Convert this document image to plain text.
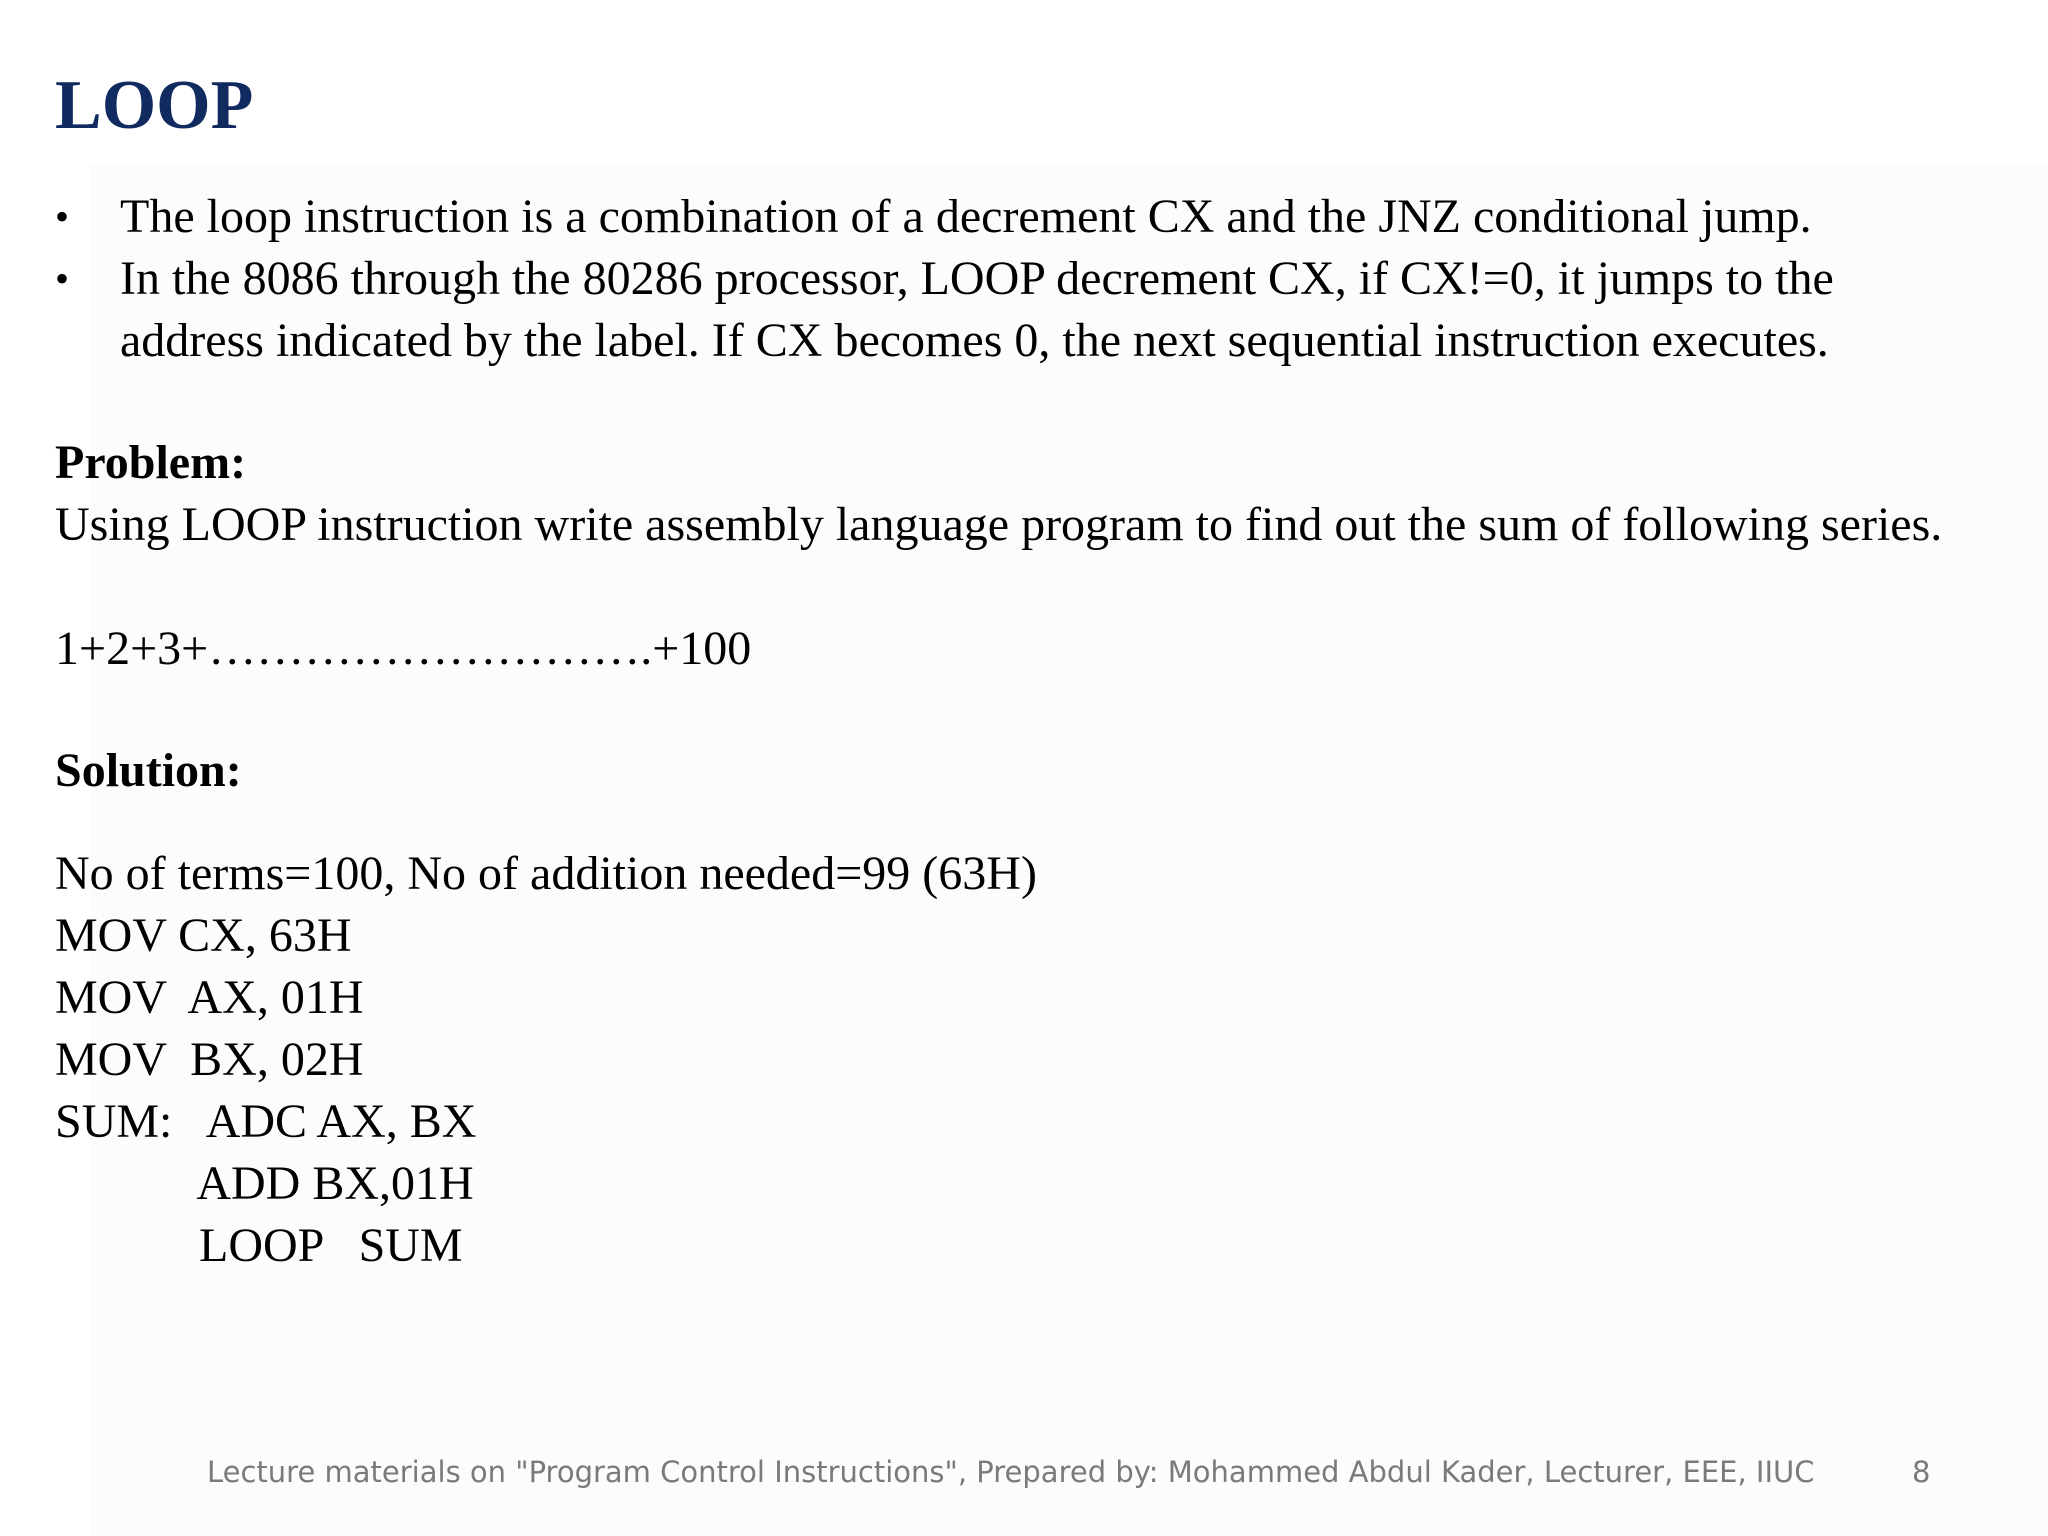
LOOP
•	The loop instruction is a combination of a decrement CX and the JNZ conditional jump.
•	In the 8086 through the 80286 processor, LOOP decrement CX, if CX!=0, it jumps to the address indicated by the label. If CX becomes 0, the next sequential instruction executes.
Problem:
Using LOOP instruction write assembly language program to find out the sum of following series.
1+2+3+……………………….+100
Solution:
No of terms=100, No of addition needed=99 (63H)
MOV CX, 63H
MOV  AX, 01H
MOV  BX, 02H
SUM:   ADC AX, BX
ADD BX,01H
LOOP   SUM
Lecture materials on "Program Control Instructions", Prepared by: Mohammed Abdul Kader, Lecturer, EEE, IIUC	8
